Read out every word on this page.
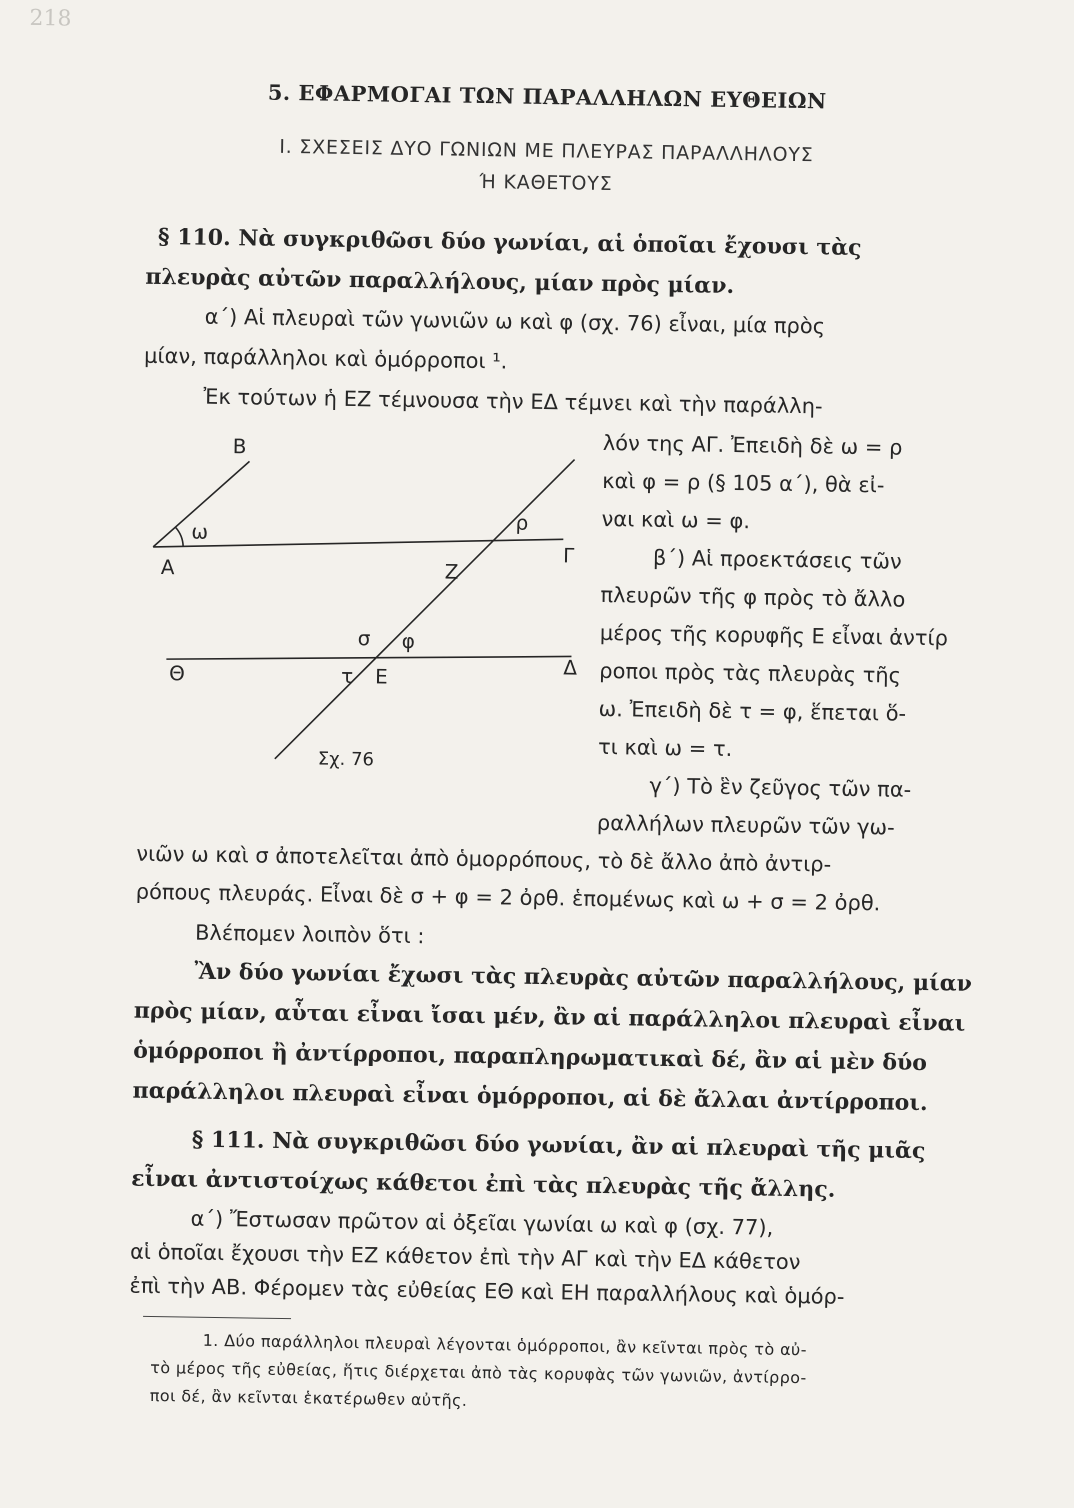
218
5. ΕΦΑΡΜΟΓΑΙ ΤΩΝ ΠΑΡΑΛΛΗΛΩΝ ΕΥΘΕΙΩΝ
Ι. ΣΧΕΣΕΙΣ ΔΥΟ ΓΩΝΙΩΝ ΜΕ ΠΛΕΥΡΑΣ ΠΑΡΑΛΛΗΛΟΥΣ
Ή ΚΑΘΕΤΟΥΣ
§ 110. Νὰ συγκριθῶσι δύο γωνίαι, αἱ ὁποῖαι ἔχουσι τὰς
πλευρὰς αὐτῶν παραλλήλους, μίαν πρὸς μίαν.
α΄) Αἱ πλευραὶ τῶν γωνιῶν ω καὶ φ (σχ. 76) εἶναι, μία πρὸς
μίαν, παράλληλοι καὶ ὁμόρροποι ¹.
Ἐκ τούτων ἡ ΕΖ τέμνουσα τὴν ΕΔ τέμνει καὶ τὴν παράλλη-
λόν της ΑΓ. Ἐπειδὴ δὲ ω = ρ
καὶ φ = ρ (§ 105 α΄), θὰ εἰ-
ναι καὶ ω = φ.
β΄) Αἱ προεκτάσεις τῶν
πλευρῶν τῆς φ πρὸς τὸ ἄλλο
μέρος τῆς κορυφῆς Ε εἶναι ἀντίρ
ροποι πρὸς τὰς πλευρὰς τῆς
ω. Ἐπειδὴ δὲ τ = φ, ἕπεται ὅ-
τι καὶ ω = τ.
γ΄) Τὸ ἓν ζεῦγος τῶν πα-
ραλλήλων πλευρῶν τῶν γω-
Β
Α
ω
Ζ
ρ
Γ
σ φ
Θ	τ Ε	Δ
Σχ. 76
νιῶν ω καὶ σ ἀποτελεῖται ἀπὸ ὁμορρόπους, τὸ δὲ ἄλλο ἀπὸ ἀντιρ-
ρόπους πλευράς. Εἶναι δὲ σ + φ = 2 ὀρθ. ἑπομένως καὶ ω + σ = 2 ὀρθ.
Βλέπομεν λοιπὸν ὅτι :
Ἂν δύο γωνίαι ἔχωσι τὰς πλευρὰς αὐτῶν παραλλήλους, μίαν
πρὸς μίαν, αὗται εἶναι ἴσαι μέν, ἂν αἱ παράλληλοι πλευραὶ εἶναι
ὁμόρροποι ἢ ἀντίρροποι, παραπληρωματικαὶ δέ, ἂν αἱ μὲν δύο
παράλληλοι πλευραὶ εἶναι ὁμόρροποι, αἱ δὲ ἄλλαι ἀντίρροποι.
§ 111. Νὰ συγκριθῶσι δύο γωνίαι, ἂν αἱ πλευραὶ τῆς μιᾶς
εἶναι ἀντιστοίχως κάθετοι ἐπὶ τὰς πλευρὰς τῆς ἄλλης.
α΄) Ἔστωσαν πρῶτον αἱ ὀξεῖαι γωνίαι ω καὶ φ (σχ. 77),
αἱ ὁποῖαι ἔχουσι τὴν ΕΖ κάθετον ἐπὶ τὴν ΑΓ καὶ τὴν ΕΔ κάθετον
ἐπὶ τὴν ΑΒ. Φέρομεν τὰς εὐθείας ΕΘ καὶ ΕΗ παραλλήλους καὶ ὁμόρ-
1. Δύο παράλληλοι πλευραὶ λέγονται ὁμόρροποι, ἂν κεῖνται πρὸς τὸ αὐ-
τὸ μέρος τῆς εὐθείας, ἥτις διέρχεται ἀπὸ τὰς κορυφὰς τῶν γωνιῶν, ἀντίρρο-
ποι δέ, ἂν κεῖνται ἑκατέρωθεν αὐτῆς.
